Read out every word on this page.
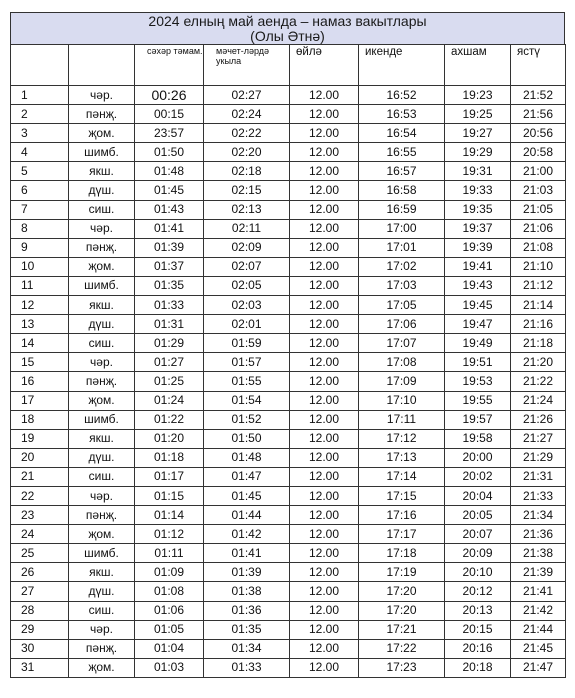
2024 елның май аенда – намаз вакытлары
(Олы Әтнә)
		сәхәр тәмам.	мәчет-ләрдә укыла	өйлә	икенде	ахшам	ястү
1	чәр.	00:26	02:27	12.00	16:52	19:23	21:52
2	пәнҗ.	00:15	02:24	12.00	16:53	19:25	21:56
3	җом.	23:57	02:22	12.00	16:54	19:27	20:56
4	шимб.	01:50	02:20	12.00	16:55	19:29	20:58
5	якш.	01:48	02:18	12.00	16:57	19:31	21:00
6	дүш.	01:45	02:15	12.00	16:58	19:33	21:03
7	сиш.	01:43	02:13	12.00	16:59	19:35	21:05
8	чәр.	01:41	02:11	12.00	17:00	19:37	21:06
9	пәнҗ.	01:39	02:09	12.00	17:01	19:39	21:08
10	җом.	01:37	02:07	12.00	17:02	19:41	21:10
11	шимб.	01:35	02:05	12.00	17:03	19:43	21:12
12	якш.	01:33	02:03	12.00	17:05	19:45	21:14
13	дүш.	01:31	02:01	12.00	17:06	19:47	21:16
14	сиш.	01:29	01:59	12.00	17:07	19:49	21:18
15	чәр.	01:27	01:57	12.00	17:08	19:51	21:20
16	пәнҗ.	01:25	01:55	12.00	17:09	19:53	21:22
17	җом.	01:24	01:54	12.00	17:10	19:55	21:24
18	шимб.	01:22	01:52	12.00	17:11	19:57	21:26
19	якш.	01:20	01:50	12.00	17:12	19:58	21:27
20	дүш.	01:18	01:48	12.00	17:13	20:00	21:29
21	сиш.	01:17	01:47	12.00	17:14	20:02	21:31
22	чәр.	01:15	01:45	12.00	17:15	20:04	21:33
23	пәнҗ.	01:14	01:44	12.00	17:16	20:05	21:34
24	җом.	01:12	01:42	12.00	17:17	20:07	21:36
25	шимб.	01:11	01:41	12.00	17:18	20:09	21:38
26	якш.	01:09	01:39	12.00	17:19	20:10	21:39
27	дүш.	01:08	01:38	12.00	17:20	20:12	21:41
28	сиш.	01:06	01:36	12.00	17:20	20:13	21:42
29	чәр.	01:05	01:35	12.00	17:21	20:15	21:44
30	пәнҗ.	01:04	01:34	12.00	17:22	20:16	21:45
31	җом.	01:03	01:33	12.00	17:23	20:18	21:47
